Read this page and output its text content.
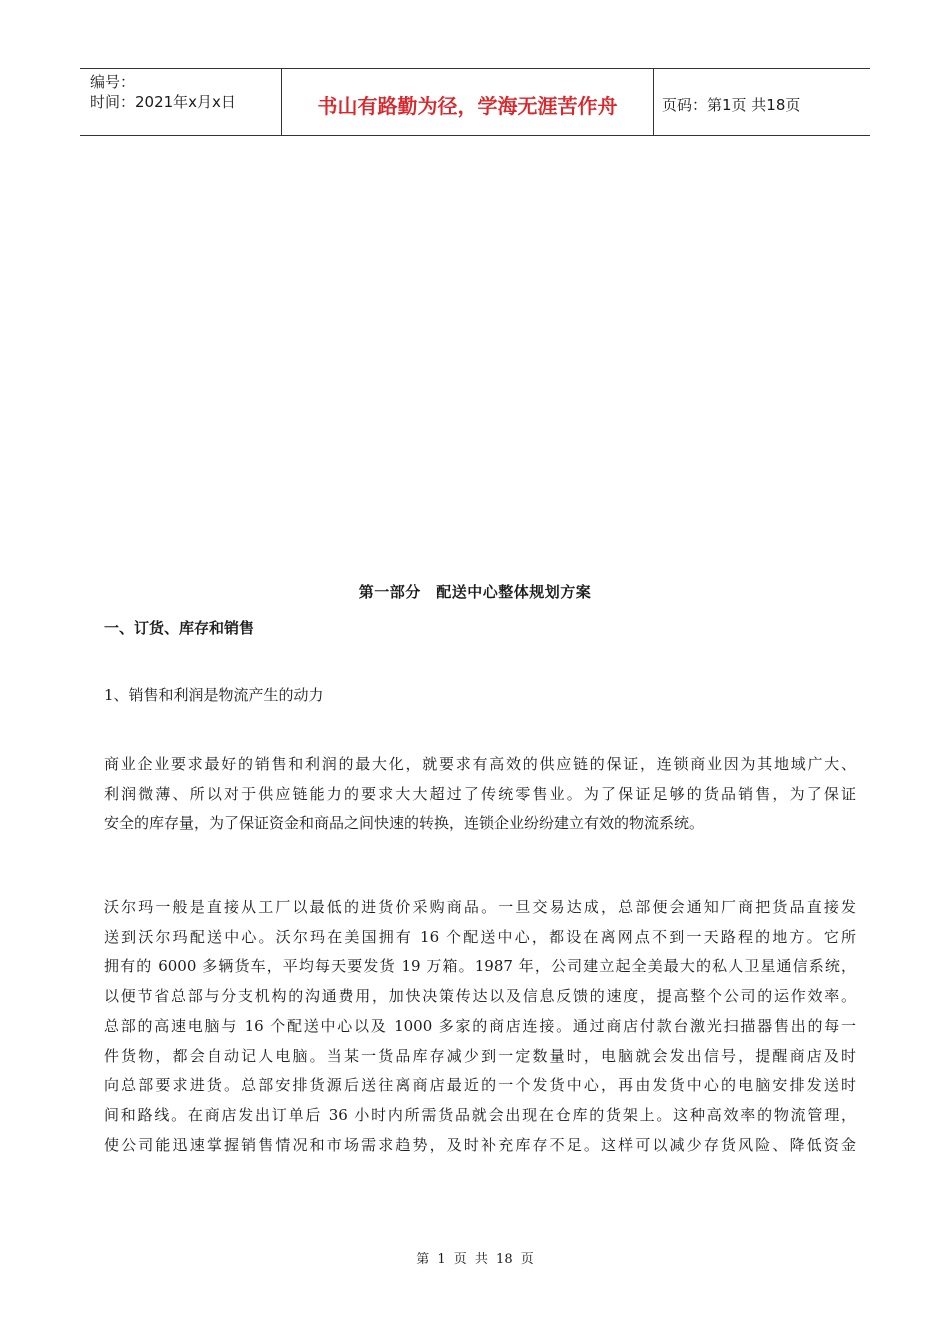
编号：
时间：2021年x月x日	书山有路勤为径，学海无涯苦作舟	页码：第1页 共18页
第一部分　配送中心整体规划方案
一、订货、库存和销售
1、销售和利润是物流产生的动力
商业企业要求最好的销售和利润的最大化，就要求有高效的供应链的保证，连锁商业因为其地域广大、
利润微薄、所以对于供应链能力的要求大大超过了传统零售业。为了保证足够的货品销售，为了保证
安全的库存量，为了保证资金和商品之间快速的转换，连锁企业纷纷建立有效的物流系统。
沃尔玛一般是直接从工厂以最低的进货价采购商品。一旦交易达成，总部便会通知厂商把货品直接发
送到沃尔玛配送中心。沃尔玛在美国拥有 16 个配送中心，都设在离网点不到一天路程的地方。它所
拥有的 6000 多辆货车，平均每天要发货 19 万箱。1987 年，公司建立起全美最大的私人卫星通信系统，
以便节省总部与分支机构的沟通费用，加快决策传达以及信息反馈的速度，提高整个公司的运作效率。
总部的高速电脑与 16 个配送中心以及 1000 多家的商店连接。通过商店付款台激光扫描器售出的每一
件货物，都会自动记人电脑。当某一货品库存减少到一定数量时，电脑就会发出信号，提醒商店及时
向总部要求进货。总部安排货源后送往离商店最近的一个发货中心，再由发货中心的电脑安排发送时
间和路线。在商店发出订单后 36 小时内所需货品就会出现在仓库的货架上。这种高效率的物流管理，
使公司能迅速掌握销售情况和市场需求趋势，及时补充库存不足。这样可以减少存货风险、降低资金
第 1 页 共 18 页
